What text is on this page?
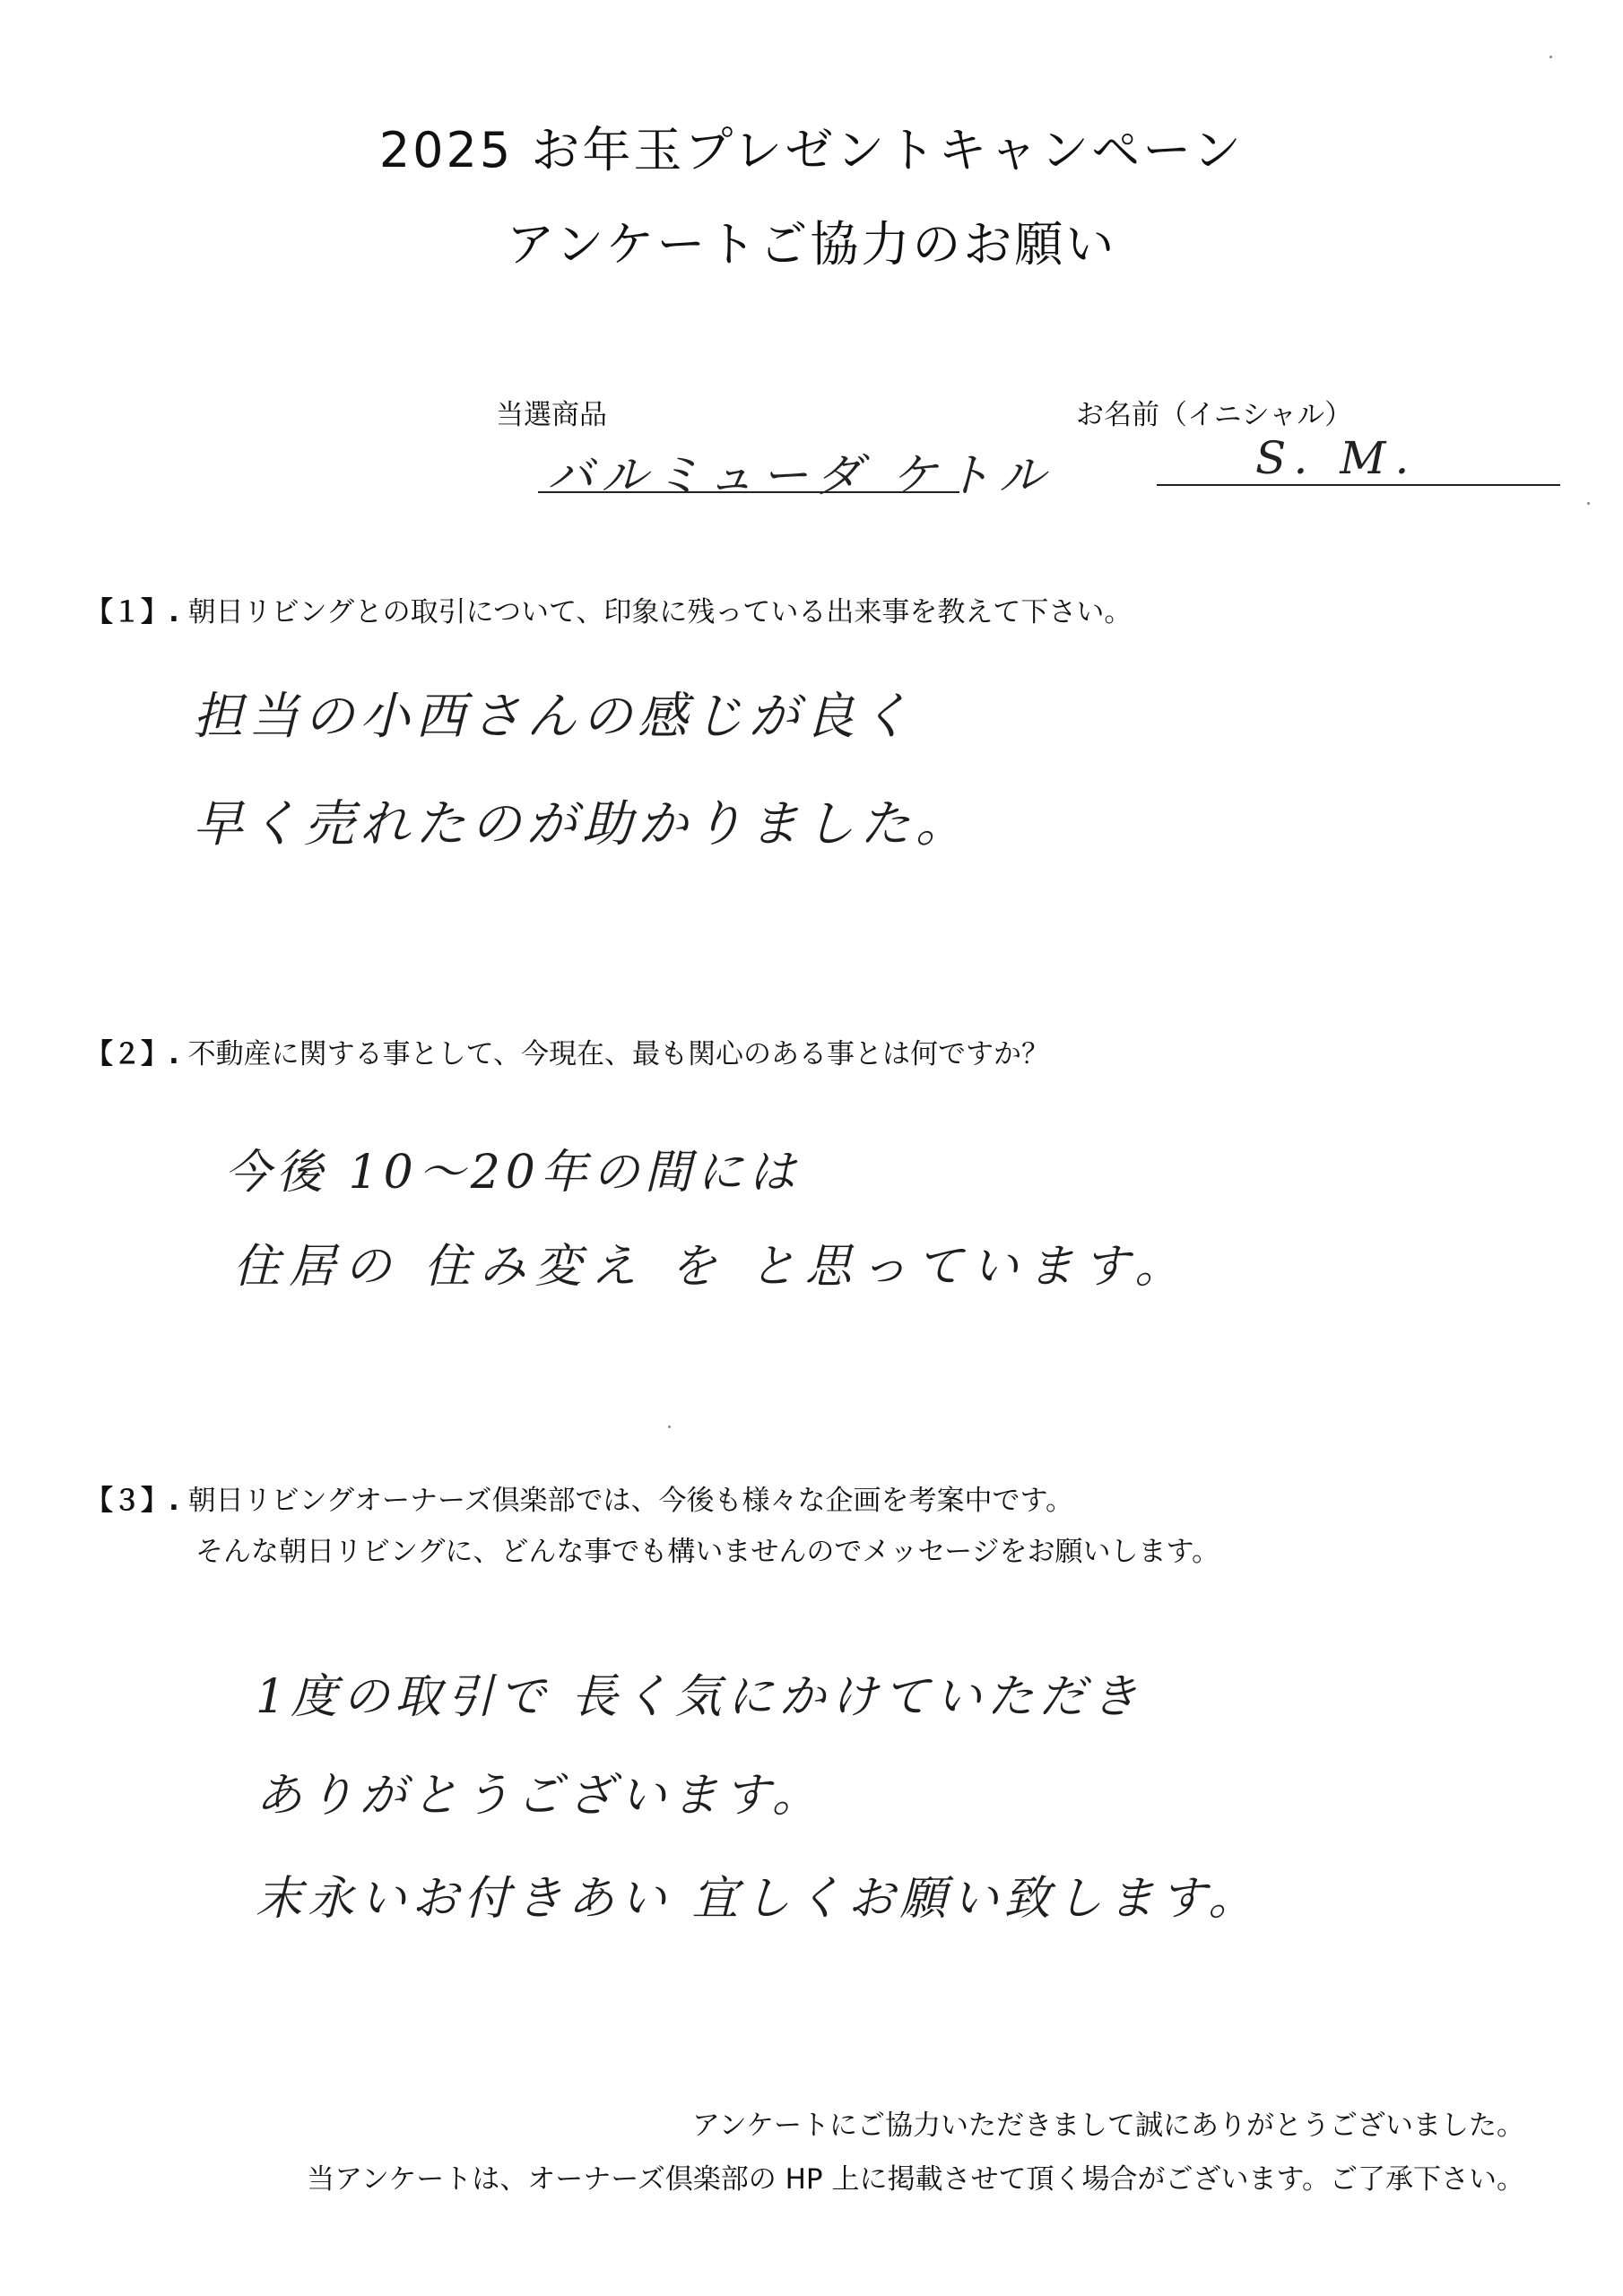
2025 お年玉プレゼントキャンペーン
アンケートご協力のお願い
当選商品
バルミューダ ケトル
お名前（イニシャル）
S. M.
【１】. 朝日リビングとの取引について、印象に残っている出来事を教えて下さい。
担当の小西さんの感じが良く
早く売れたのが助かりました。
【２】. 不動産に関する事として、今現在、最も関心のある事とは何ですか？
今後 10～20年の間には
住居の 住み変え を と思っています。
【３】. 朝日リビングオーナーズ倶楽部では、今後も様々な企画を考案中です。
そんな朝日リビングに、どんな事でも構いませんのでメッセージをお願いします。
1度の取引で 長く気にかけていただき
ありがとうございます。
末永いお付きあい 宜しくお願い致します。
アンケートにご協力いただきまして誠にありがとうございました。
当アンケートは、オーナーズ倶楽部の HP 上に掲載させて頂く場合がございます。ご了承下さい。
